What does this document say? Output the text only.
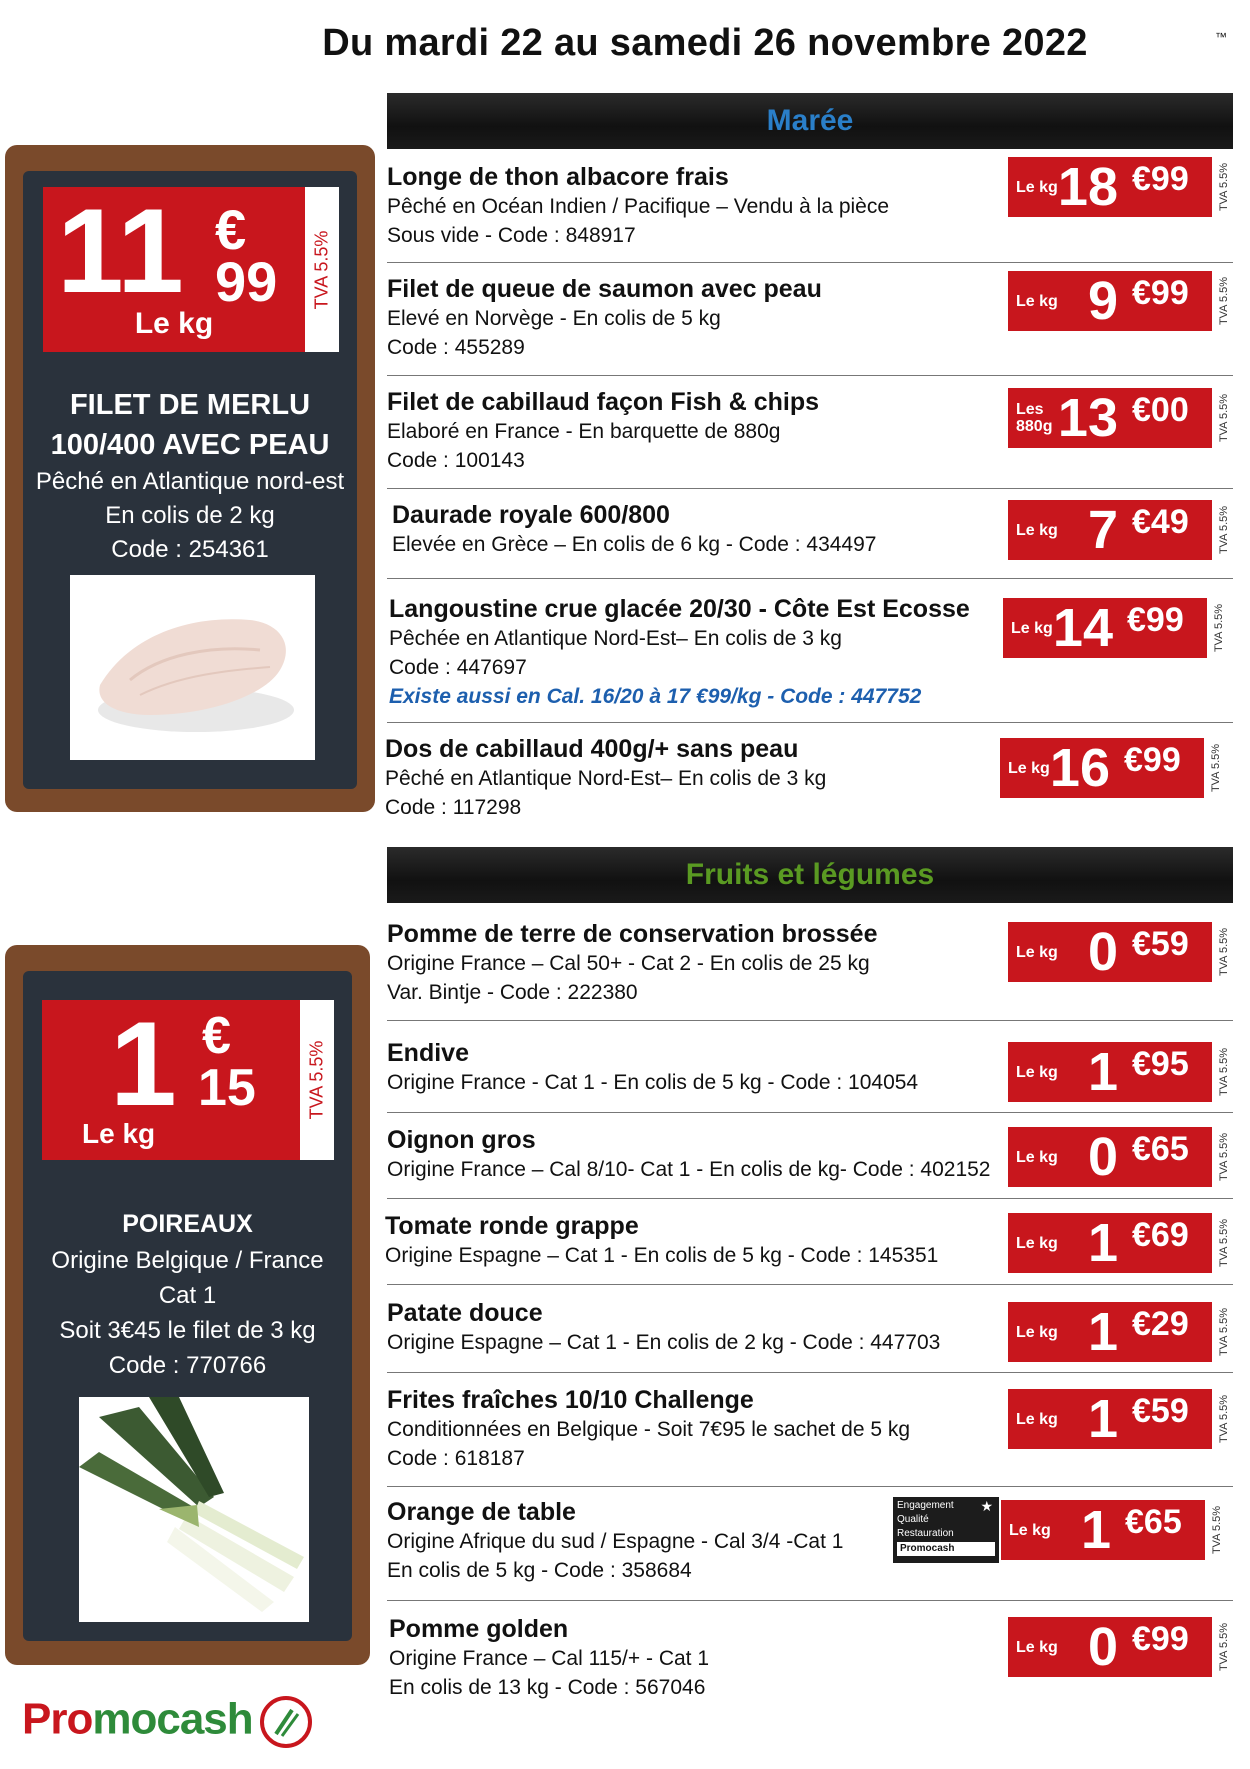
Du mardi 22 au samedi 26 novembre 2022	™
Marée
Fruits et légumes
11 €
99
Le kg
TVA 5.5%
FILET DE MERLU
100/400 AVEC PEAU
Pêché en Atlantique nord-est
En colis de 2 kg
Code : 254361
1 €
15
Le kg
TVA 5.5%
POIREAUX
Origine Belgique / France
Cat 1
Soit 3€45 le filet de 3 kg
Code : 770766
Longe de thon albacore frais
Pêché en Océan Indien / Pacifique – Vendu à la pièce
Sous vide - Code : 848917
Le kg 18 €99	TVA 5.5%
Filet de queue de saumon avec peau
Elevé en Norvège - En colis de 5 kg
Code : 455289
Le kg 9 €99	TVA 5.5%
Filet de cabillaud façon Fish & chips
Elaboré en France - En barquette de 880g
Code : 100143
Les 880g 13 €00	TVA 5.5%
Daurade royale 600/800
Elevée en Grèce – En colis de 6 kg - Code : 434497
Le kg 7 €49	TVA 5.5%
Langoustine crue glacée 20/30 - Côte Est Ecosse
Pêchée en Atlantique Nord-Est– En colis de 3 kg
Code : 447697
Existe aussi en Cal. 16/20 à 17 €99/kg - Code : 447752
Le kg 14 €99	TVA 5.5%
Dos de cabillaud 400g/+ sans peau
Pêché en Atlantique Nord-Est– En colis de 3 kg
Code : 117298
Le kg 16 €99	TVA 5.5%
Pomme de terre de conservation brossée
Origine France – Cal 50+ - Cat 2 - En colis de 25 kg
Var. Bintje - Code : 222380
Le kg 0 €59	TVA 5.5%
Endive
Origine France - Cat 1 - En colis de 5 kg - Code : 104054	Le kg 1 €95	TVA 5.5%
Oignon gros
Origine France – Cal 8/10- Cat 1 - En colis de kg- Code : 402152
Le kg 0 €65	TVA 5.5%
Tomate ronde grappe
Origine Espagne – Cat 1 - En colis de 5 kg - Code : 145351
Le kg 1 €69	TVA 5.5%
Patate douce
Origine Espagne – Cat 1 - En colis de 2 kg - Code : 447703	Le kg 1 €29	TVA 5.5%
Frites fraîches 10/10 Challenge
Conditionnées en Belgique - Soit 7€95 le sachet de 5 kg
Code : 618187
Le kg 1 €59	TVA 5.5%
Orange de table
Origine Afrique du sud / Espagne - Cal 3/4 -Cat 1
En colis de 5 kg - Code : 358684
Engagement
Qualité
Restauration
Promocash
★
Le kg 1 €65	TVA 5.5%
Pomme golden
Origine France – Cal 115/+ - Cat 1
En colis de 13 kg - Code : 567046
Le kg 0 €99	TVA 5.5%
Promocash
